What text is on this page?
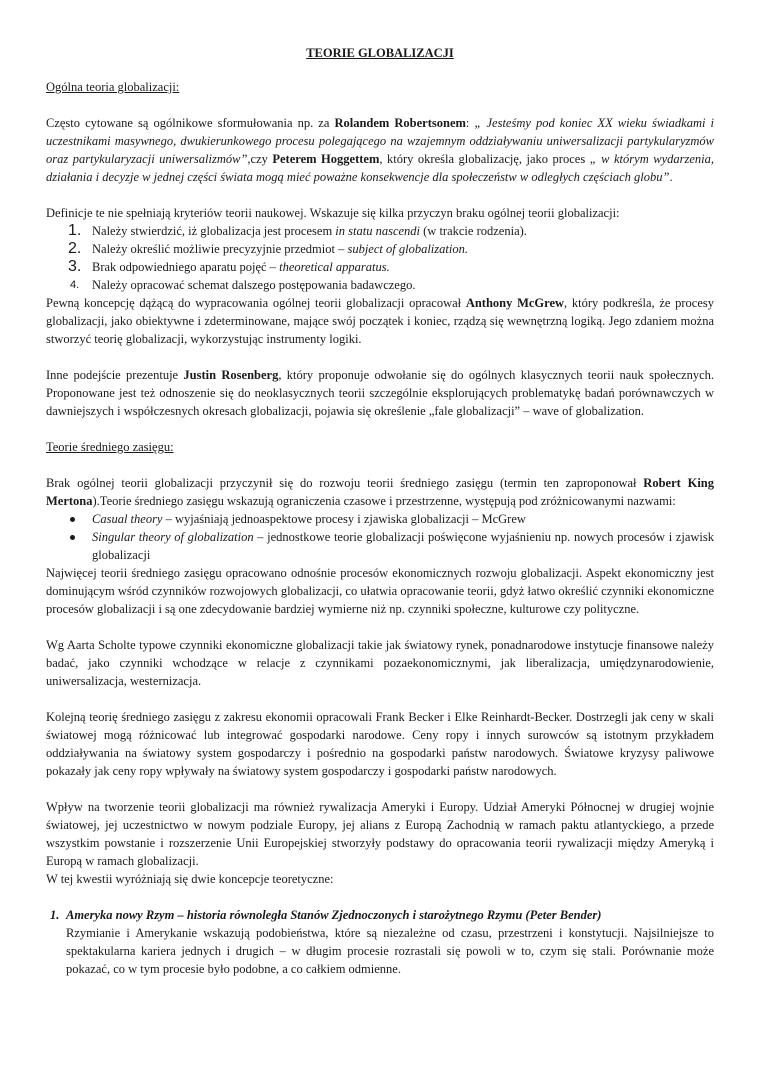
TEORIE GLOBALIZACJI

Ogólna teoria globalizacji:

Często cytowane są ogólnikowe sformułowania np. za Rolandem Robertsonem: „ Jesteśmy pod koniec XX wieku świadkami i uczestnikami masywnego, dwukierunkowego procesu polegającego na wzajemnym oddziaływaniu uniwersalizacji partykularyzmów oraz partykularyzacji uniwersalizmów”,czy Peterem Hoggettem, który określa globalizację, jako proces „ w którym wydarzenia, działania i decyzje w jednej części świata mogą mieć poważne konsekwencje dla społeczeństw w odległych częściach globu”.

Definicje te nie spełniają kryteriów teorii naukowej. Wskazuje się kilka przyczyn braku ogólnej teorii globalizacji:

1. Należy stwierdzić, iż globalizacja jest procesem in statu nascendi (w trakcie rodzenia).
2. Należy określić możliwie precyzyjnie przedmiot – subject of globalization.
3. Brak odpowiedniego aparatu pojęć – theoretical apparatus.
4. Należy opracować schemat dalszego postępowania badawczego.

Pewną koncepcję dążącą do wypracowania ogólnej teorii globalizacji opracował Anthony McGrew, który podkreśla, że procesy globalizacji, jako obiektywne i zdeterminowane, mające swój początek i koniec, rządzą się wewnętrzną logiką. Jego zdaniem można stworzyć teorię globalizacji, wykorzystując instrumenty logiki.

Inne podejście prezentuje Justin Rosenberg, który proponuje odwołanie się do ogólnych klasycznych teorii nauk społecznych. Proponowane jest też odnoszenie się do neoklasycznych teorii szczególnie eksplorujących problematykę badań porównawczych w dawniejszych i współczesnych okresach globalizacji, pojawia się określenie „fale globalizacji” – wave of globalization.

Teorie średniego zasięgu:

Brak ogólnej teorii globalizacji przyczynił się do rozwoju teorii średniego zasięgu (termin ten zaproponował Robert King Mertona).Teorie średniego zasięgu wskazują ograniczenia czasowe i przestrzenne, występują pod zróżnicowanymi nazwami:

Casual theory – wyjaśniają jednoaspektowe procesy i zjawiska globalizacji – McGrew
Singular theory of globalization – jednostkowe teorie globalizacji poświęcone wyjaśnieniu np. nowych procesów i zjawisk globalizacji

Najwięcej teorii średniego zasięgu opracowano odnośnie procesów ekonomicznych rozwoju globalizacji. Aspekt ekonomiczny jest dominującym wśród czynników rozwojowych globalizacji, co ułatwia opracowanie teorii, gdyż łatwo określić czynniki ekonomiczne procesów globalizacji i są one zdecydowanie bardziej wymierne niż np. czynniki społeczne, kulturowe czy polityczne.

Wg Aarta Scholte typowe czynniki ekonomiczne globalizacji takie jak światowy rynek, ponadnarodowe instytucje finansowe należy badać, jako czynniki wchodzące w relacje z czynnikami pozaekonomicznymi, jak liberalizacja, umiędzynarodowienie, uniwersalizacja, westernizacja.

Kolejną teorię średniego zasięgu z zakresu ekonomii opracowali Frank Becker i Elke Reinhardt-Becker. Dostrzegli jak ceny w skali światowej mogą różnicować lub integrować gospodarki narodowe. Ceny ropy i innych surowców są istotnym przykładem oddziaływania na światowy system gospodarczy i pośrednio na gospodarki państw narodowych. Światowe kryzysy paliwowe pokazały jak ceny ropy wpływały na światowy system gospodarczy i gospodarki państw narodowych.

Wpływ na tworzenie teorii globalizacji ma również rywalizacja Ameryki i Europy. Udział Ameryki Północnej w drugiej wojnie światowej, jej uczestnictwo w nowym podziale Europy, jej alians z Europą Zachodnią w ramach paktu atlantyckiego, a przede wszystkim powstanie i rozszerzenie Unii Europejskiej stworzyły podstawy do opracowania teorii rywalizacji między Ameryką i Europą w ramach globalizacji.

W tej kwestii wyróżniają się dwie koncepcje teoretyczne:

1. Ameryka nowy Rzym – historia równoległa Stanów Zjednoczonych i starożytnego Rzymu (Peter Bender)

Rzymianie i Amerykanie wskazują podobieństwa, które są niezależne od czasu, przestrzeni i konstytucji. Najsilniejsze to spektakularna kariera jednych i drugich – w długim procesie rozrastali się powoli w to, czym się stali. Porównanie może pokazać, co w tym procesie było podobne, a co całkiem odmienne.
